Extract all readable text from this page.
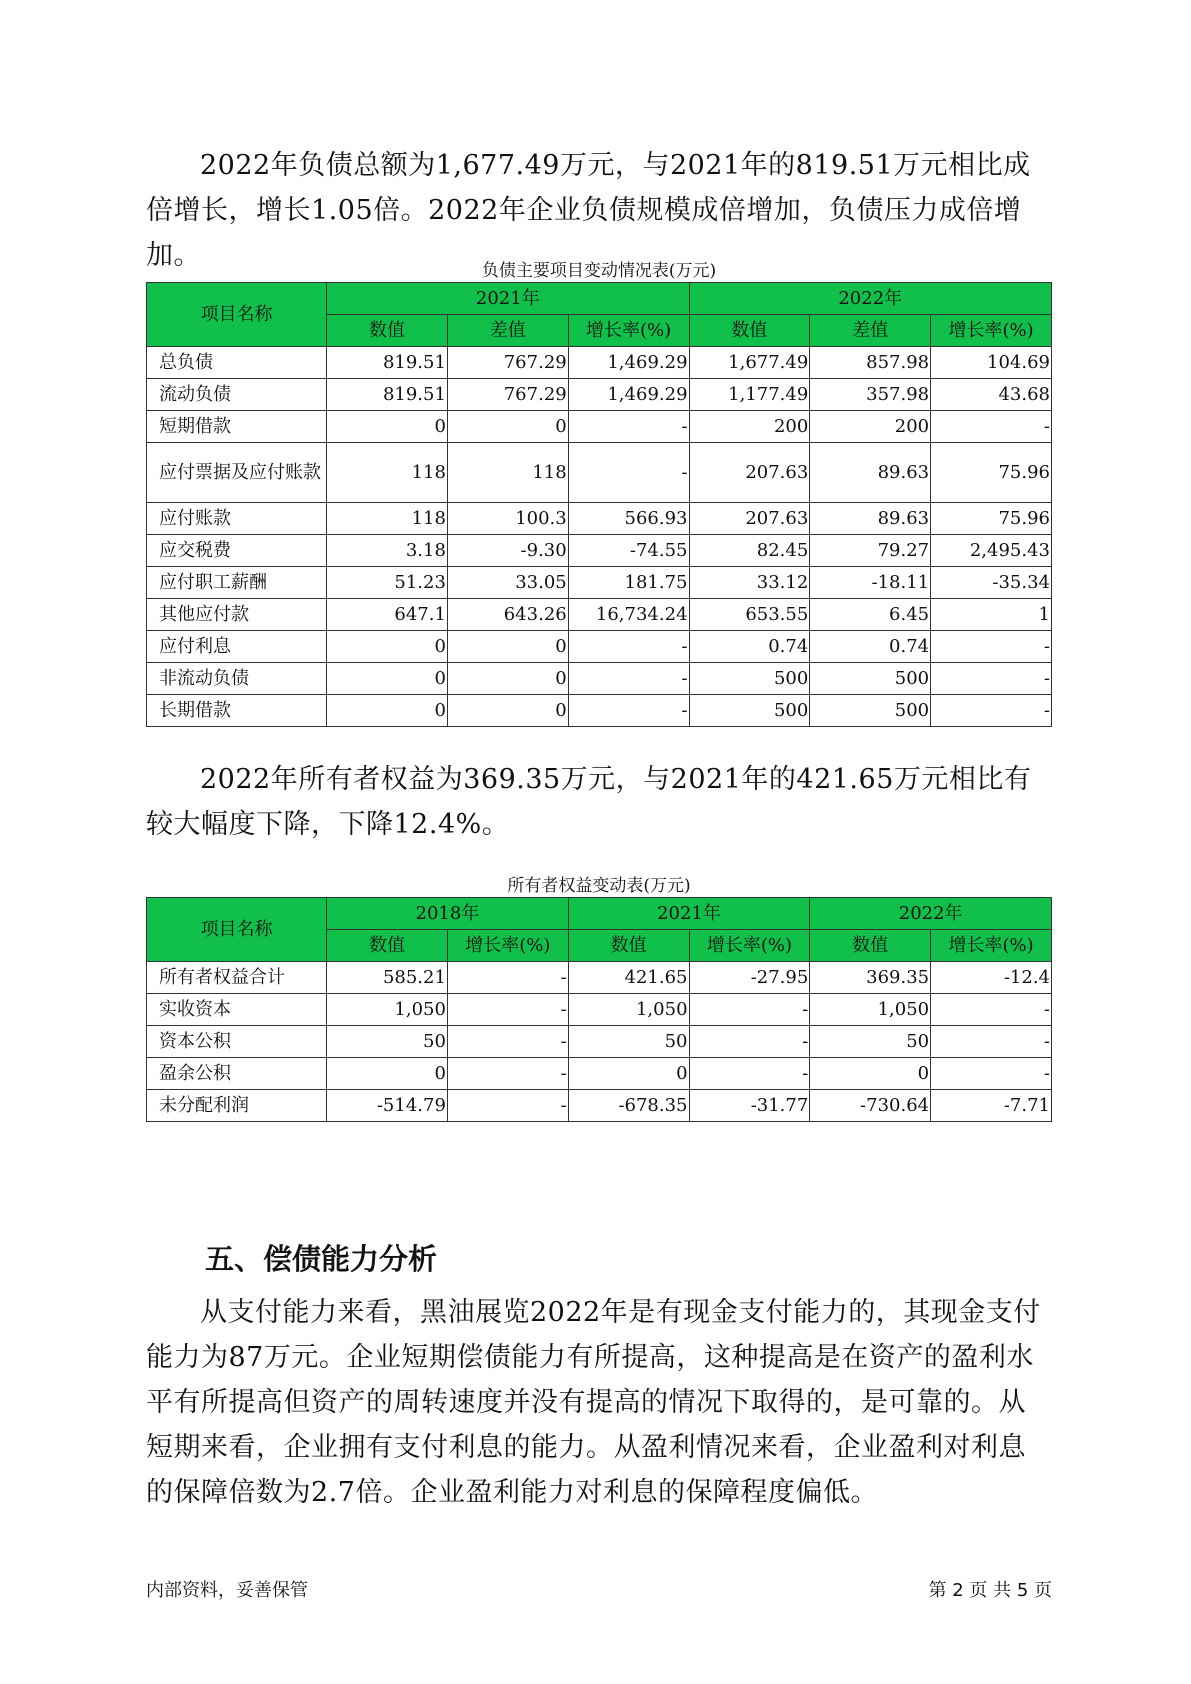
2022年负债总额为1,677.49万元，与2021年的819.51万元相比成倍增长，增长1.05倍。2022年企业负债规模成倍增加，负债压力成倍增加。	负债主要项目变动情况表(万元)

项目名称	2021年			2022年		
	数值	差值	增长率(%)	数值	差值	增长率(%)
总负债	819.51	767.29	1,469.29	1,677.49	857.98	104.69
流动负债	819.51	767.29	1,469.29	1,177.49	357.98	43.68
短期借款	0	0	-	200	200	-
应付票据及应付账款	118	118	-	207.63	89.63	75.96
应付账款	118	100.3	566.93	207.63	89.63	75.96
应交税费	3.18	-9.30	-74.55	82.45	79.27	2,495.43
应付职工薪酬	51.23	33.05	181.75	33.12	-18.11	-35.34
其他应付款	647.1	643.26	16,734.24	653.55	6.45	1
应付利息	0	0	-	0.74	0.74	-
非流动负债	0	0	-	500	500	-
长期借款	0	0	-	500	500	-

2022年所有者权益为369.35万元，与2021年的421.65万元相比有较大幅度下降，下降12.4%。

所有者权益变动表(万元)

项目名称	2018年		2021年		2022年	
	数值	增长率(%)	数值	增长率(%)	数值	增长率(%)
所有者权益合计	585.21	-	421.65	-27.95	369.35	-12.4
实收资本	1,050	-	1,050	-	1,050	-
资本公积	50	-	50	-	50	-
盈余公积	0	-	0	-	0	-
未分配利润	-514.79	-	-678.35	-31.77	-730.64	-7.71
五、偿债能力分析

从支付能力来看，黑油展览2022年是有现金支付能力的，其现金支付能力为87万元。企业短期偿债能力有所提高，这种提高是在资产的盈利水平有所提高但资产的周转速度并没有提高的情况下取得的，是可靠的。从短期来看，企业拥有支付利息的能力。从盈利情况来看，企业盈利对利息的保障倍数为2.7倍。企业盈利能力对利息的保障程度偏低。

内部资料，妥善保管	第 2 页 共 5 页
